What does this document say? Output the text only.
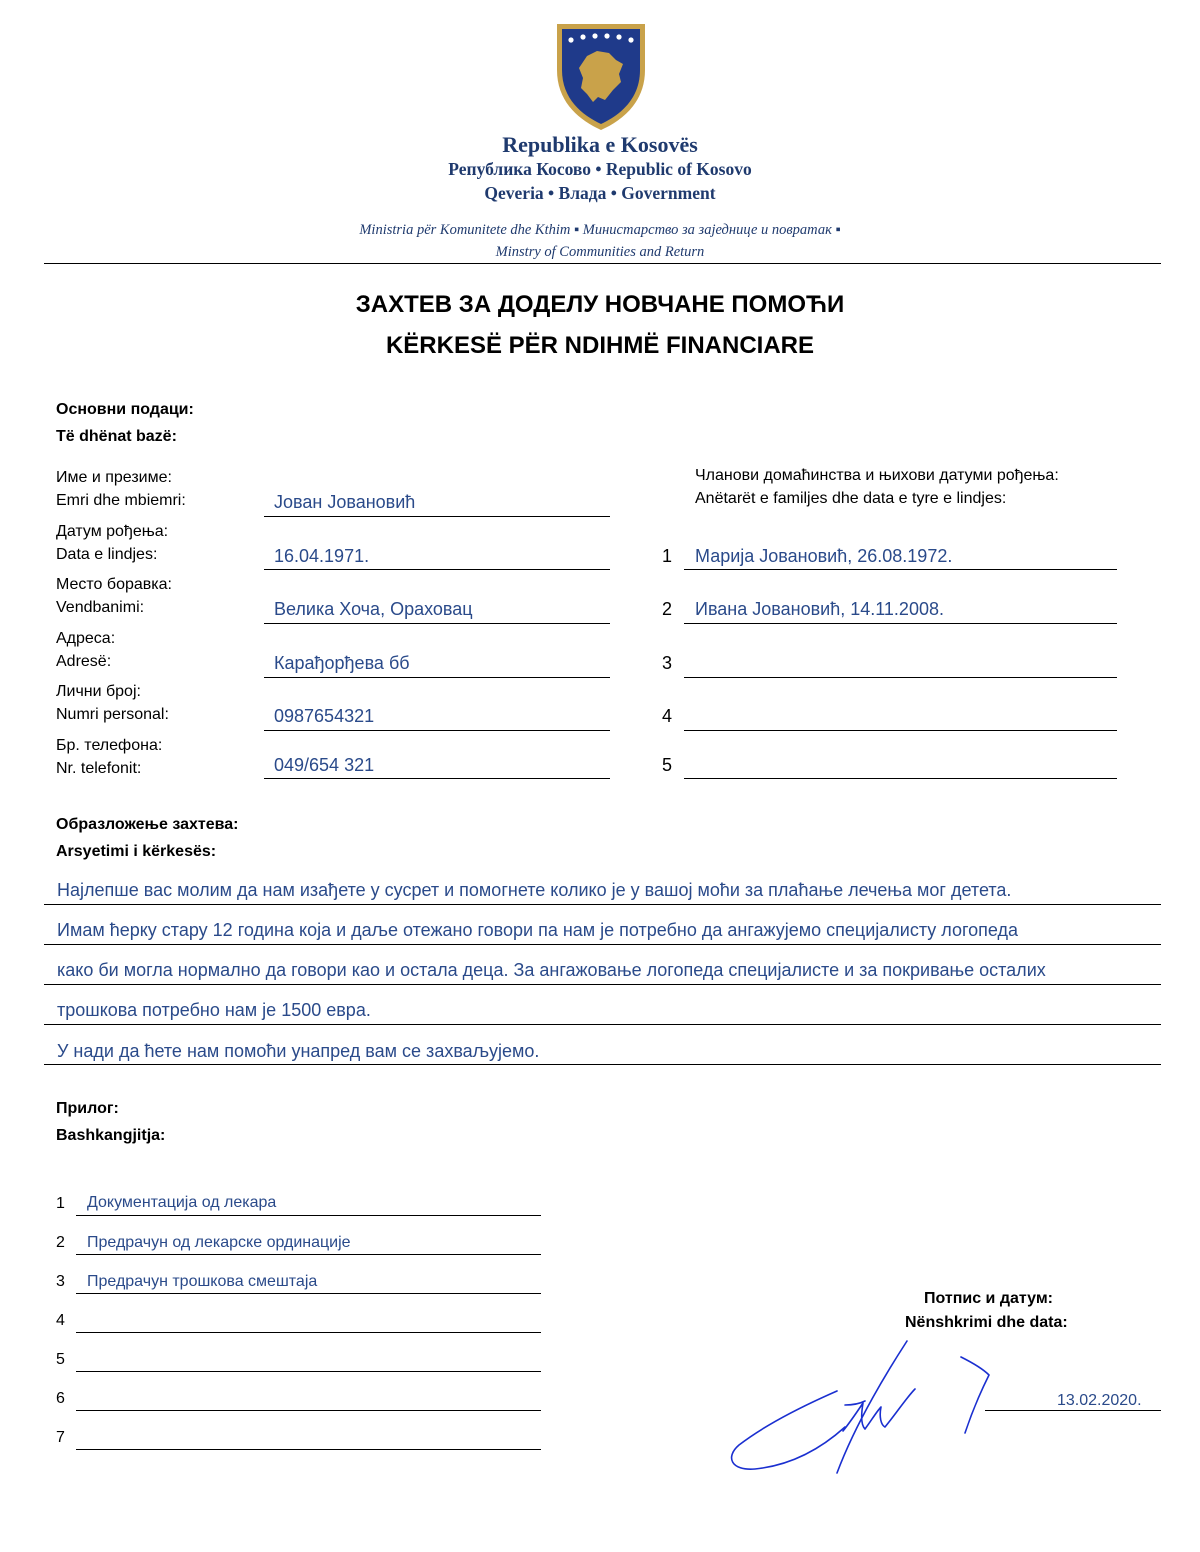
Republika e Kosovës
Република Косово • Republic of Kosovo
Qeveria • Влада • Government
Ministria për Komunitete dhe Kthim ▪ Министарство за заједнице и повратак ▪
Minstry of Communities and Return
ЗАХТЕВ ЗА ДОДЕЛУ НОВЧАНЕ ПОМОЋИ
KËRKESË PËR NDIHMË FINANCIARE
Основни подаци:
Të dhënat bazë:
Име и презиме:
Emri dhe mbiemri:	Јован Јовановић
Датум рођења:
Data e lindjes:	16.04.1971.
Место боравка:
Vendbanimi:	Велика Хоча, Ораховац
Адреса:
Adresë:	Карађорђева бб
Лични број:
Numri personal:	0987654321
Бр. телефона:
Nr. telefonit:	049/654 321
Чланови домаћинства и њихови датуми рођења:
Anëtarët e familjes dhe data e tyre e lindjes:
1 Марија Јовановић, 26.08.1972.
2 Ивана Јовановић, 14.11.2008.
3
4
5
Образложење захтева:
Arsyetimi i kërkesës:
Најлепше вас молим да нам изађете у сусрет и помогнете колико је у вашој моћи за плаћање лечења мог детета.
Имам ћерку стару 12 година која и даље отежано говори па нам је потребно да ангажујемо специјалисту логопеда
како би могла нормално да говори као и остала деца. За ангажовање логопеда специјалисте и за покривање осталих
трошкова потребно нам је 1500 евра.
У нади да ћете нам помоћи унапред вам се захваљујемо.
Прилог:
Bashkangjitja:
1 Документација од лекара
2 Предрачун од лекарске ординације
3 Предрачун трошкова смештаја
4
5
6
7
Потпис и датум:
Nënshkrimi dhe data:
13.02.2020.
